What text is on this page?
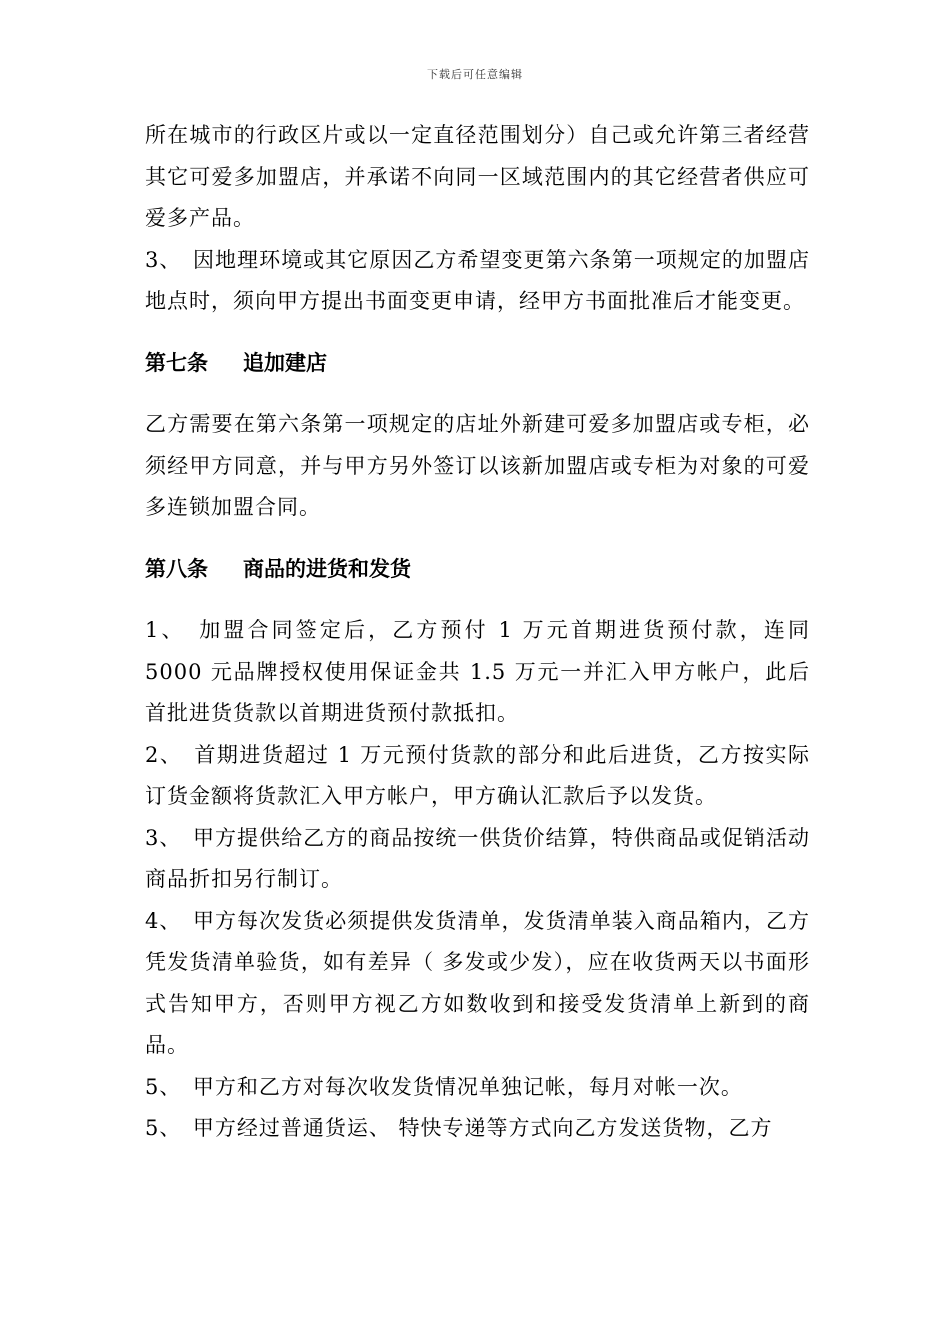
下载后可任意编辑

所在城市的行政区片或以一定直径范围划分）自己或允许第三者经营其它可爱多加盟店，并承诺不向同一区域范围内的其它经营者供应可爱多产品。

3、　因地理环境或其它原因乙方希望变更第六条第一项规定的加盟店地点时，须向甲方提出书面变更申请，经甲方书面批准后才能变更。

第七条 追加建店

乙方需要在第六条第一项规定的店址外新建可爱多加盟店或专柜，必须经甲方同意，并与甲方另外签订以该新加盟店或专柜为对象的可爱多连锁加盟合同。

第八条 商品的进货和发货

1、　加盟合同签定后，乙方预付 1 万元首期进货预付款，连同 5000 元品牌授权使用保证金共 1.5 万元一并汇入甲方帐户，此后首批进货货款以首期进货预付款抵扣。

2、　首期进货超过 1 万元预付货款的部分和此后进货，乙方按实际订货金额将货款汇入甲方帐户，甲方确认汇款后予以发货。

3、　甲方提供给乙方的商品按统一供货价结算，特供商品或促销活动商品折扣另行制订。

4、　甲方每次发货必须提供发货清单，发货清单装入商品箱内，乙方凭发货清单验货，如有差异（ 多发或少发），应在收货两天以书面形式告知甲方，否则甲方视乙方如数收到和接受发货清单上新到的商品。

5、　甲方和乙方对每次收发货情况单独记帐，每月对帐一次。

5、　甲方经过普通货运、 特快专递等方式向乙方发送货物，乙方
